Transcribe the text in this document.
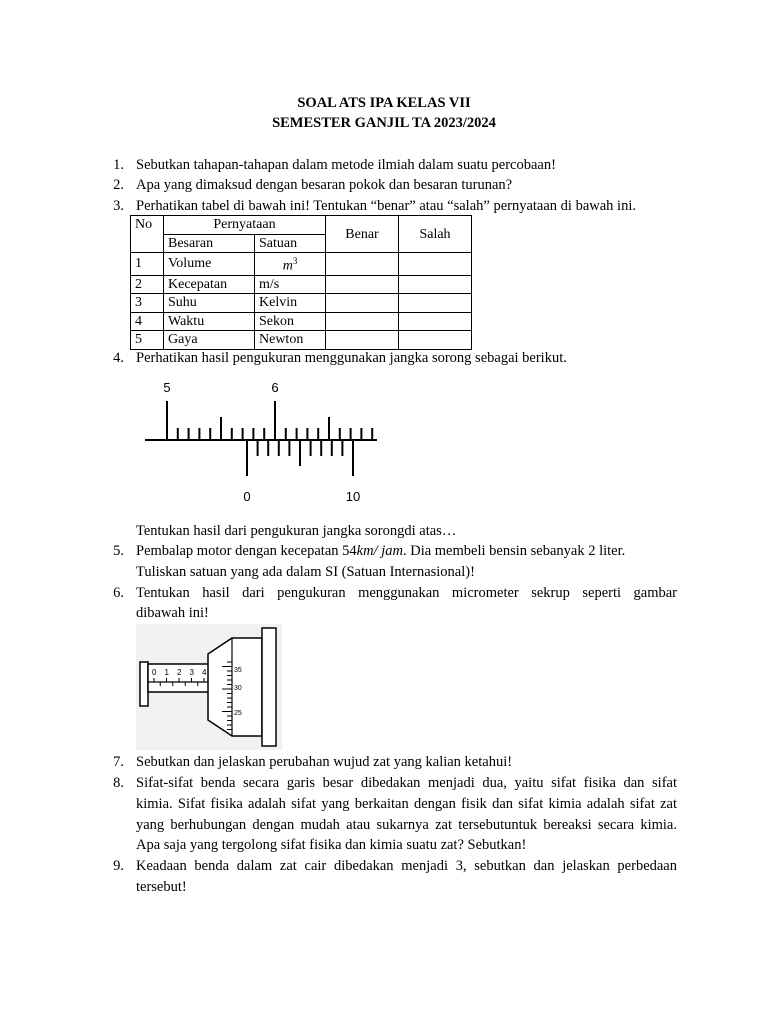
SOAL ATS IPA KELAS VII
SEMESTER GANJIL TA 2023/2024
1. Sebutkan tahapan-tahapan dalam metode ilmiah dalam suatu percobaan!
2. Apa yang dimaksud dengan besaran pokok dan besaran turunan?
3. Perhatikan tabel di bawah ini! Tentukan “benar” atau “salah” pernyataan di bawah ini.
No	Pernyataan		Benar	Salah
	Besaran	Satuan		
1	Volume	$m^3$		
2	Kecepatan	m/s		
3	Suhu	Kelvin		
4	Waktu	Sekon		
5	Gaya	Newton		
4. Perhatikan hasil pengukuran menggunakan jangka sorong sebagai berikut.
5	6
0	10
Tentukan hasil dari pengukuran jangka sorongdi atas…
5. Pembalap motor dengan kecepatan 54km/ jam. Dia membeli bensin sebanyak 2 liter.
Tuliskan satuan yang ada dalam SI (Satuan Internasional)!
6. Tentukan hasil dari pengukuran menggunakan micrometer sekrup seperti gambar
dibawah ini!
0 1 2 3 4	35
30
25
7. Sebutkan dan jelaskan perubahan wujud zat yang kalian ketahui!
8. Sifat-sifat benda secara garis besar dibedakan menjadi dua, yaitu sifat fisika dan sifat
kimia. Sifat fisika adalah sifat yang berkaitan dengan fisik dan sifat kimia adalah sifat zat
yang berhubungan dengan mudah atau sukarnya zat tersebutuntuk bereaksi secara kimia.
Apa saja yang tergolong sifat fisika dan kimia suatu zat? Sebutkan!
9. Keadaan benda dalam zat cair dibedakan menjadi 3, sebutkan dan jelaskan perbedaan
tersebut!
